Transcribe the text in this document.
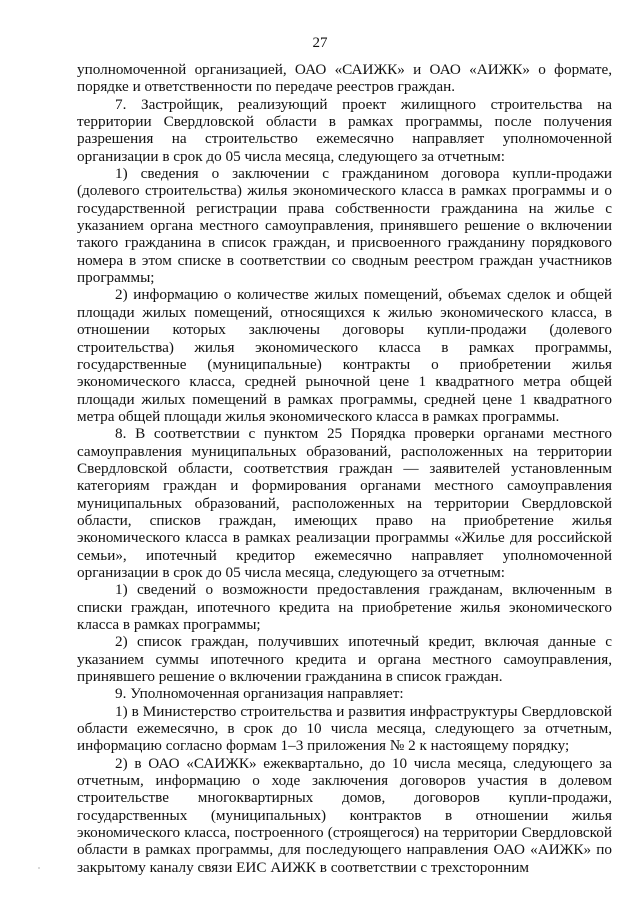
27

уполномоченной организацией, ОАО «САИЖК» и ОАО «АИЖК» о формате, порядке и ответственности по передаче реестров граждан.

7. Застройщик, реализующий проект жилищного строительства на территории Свердловской области в рамках программы, после получения разрешения на строительство ежемесячно направляет уполномоченной организации в срок до 05 числа месяца, следующего за отчетным:

1) сведения о заключении с гражданином договора купли-продажи (долевого строительства) жилья экономического класса в рамках программы и о государственной регистрации права собственности гражданина на жилье с указанием органа местного самоуправления, принявшего решение о включении такого гражданина в список граждан, и присвоенного гражданину порядкового номера в этом списке в соответствии со сводным реестром граждан участников программы;

2) информацию о количестве жилых помещений, объемах сделок и общей площади жилых помещений, относящихся к жилью экономического класса, в отношении которых заключены договоры купли-продажи (долевого строительства) жилья экономического класса в рамках программы, государственные (муниципальные) контракты о приобретении жилья экономического класса, средней рыночной цене 1 квадратного метра общей площади жилых помещений в рамках программы, средней цене 1 квадратного метра общей площади жилья экономического класса в рамках программы.

8. В соответствии с пунктом 25 Порядка проверки органами местного самоуправления муниципальных образований, расположенных на территории Свердловской области, соответствия граждан — заявителей установленным категориям граждан и формирования органами местного самоуправления муниципальных образований, расположенных на территории Свердловской области, списков граждан, имеющих право на приобретение жилья экономического класса в рамках реализации программы «Жилье для российской семьи», ипотечный кредитор ежемесячно направляет уполномоченной организации в срок до 05 числа месяца, следующего за отчетным:

1) сведений о возможности предоставления гражданам, включенным в списки граждан, ипотечного кредита на приобретение жилья экономического класса в рамках программы;

2) список граждан, получивших ипотечный кредит, включая данные с указанием суммы ипотечного кредита и органа местного самоуправления, принявшего решение о включении гражданина в список граждан.

9. Уполномоченная организация направляет:

1) в Министерство строительства и развития инфраструктуры Свердловской области ежемесячно, в срок до 10 числа месяца, следующего за отчетным, информацию согласно формам 1–3 приложения № 2 к настоящему порядку;

2) в ОАО «САИЖК» ежеквартально, до 10 числа месяца, следующего за отчетным, информацию о ходе заключения договоров участия в долевом строительстве многоквартирных домов, договоров купли-продажи, государственных (муниципальных) контрактов в отношении жилья экономического класса, построенного (строящегося) на территории Свердловской области в рамках программы, для последующего направления ОАО «АИЖК» по закрытому каналу связи ЕИС АИЖК в соответствии с трехсторонним
